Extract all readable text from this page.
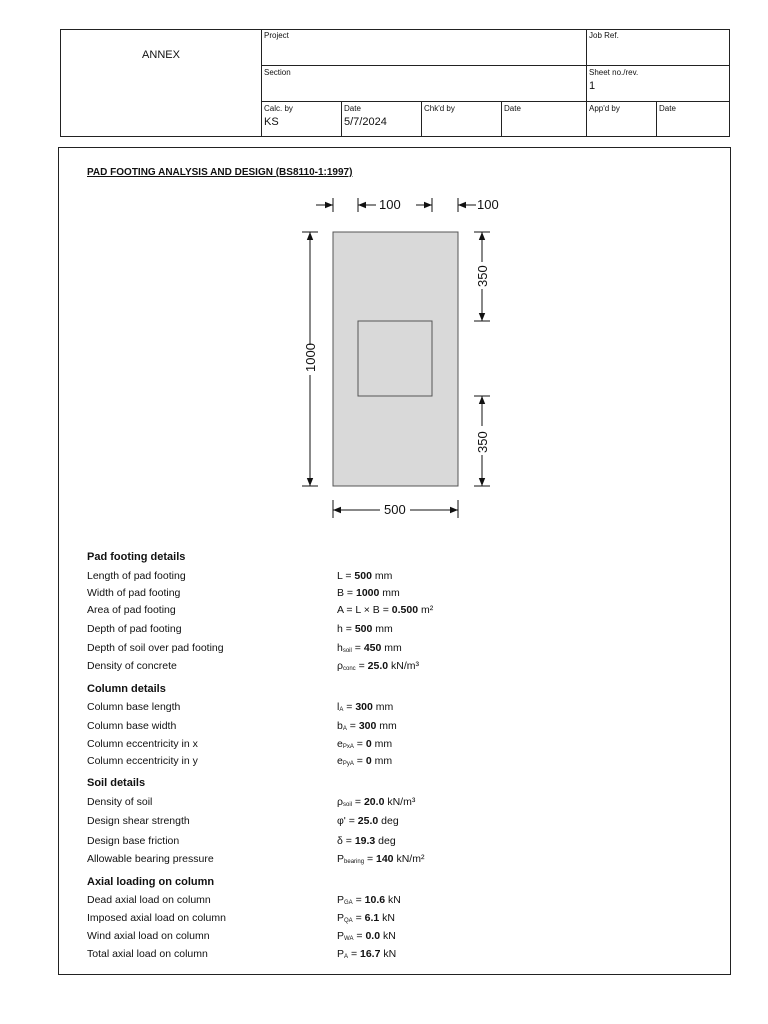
ANNEX
Project	Job Ref.
Section	Sheet no./rev.
1
Calc. by
KS
Date
5/7/2024
Chk'd by	Date	App'd by	Date
PAD FOOTING ANALYSIS AND DESIGN (BS8110-1:1997)
100	100
1000
350
350
500
Pad footing details
Length of pad footing	L = 500 mm
Width of pad footing	B = 1000 mm
Area of pad footing	A = L × B = 0.500 m²
Depth of pad footing	h = 500 mm
Depth of soil over pad footing	$h_{soil} = 450$ mm
Density of concrete	$\rho_{conc} = 25.0$ kN/m³
Column details
Column base length	$l_A = 300$ mm
Column base width	$b_A = 300$ mm
Column eccentricity in x	$e_{PxA} = 0$ mm
Column eccentricity in y	$e_{PyA} = 0$ mm
Soil details
Density of soil	$\rho_{soil} = 20.0$ kN/m³
Design shear strength	φ' = 25.0 deg
Design base friction	δ = 19.3 deg
Allowable bearing pressure	$P_{bearing} = 140$ kN/m²
Axial loading on column
Dead axial load on column	$P_{GA} = 10.6$ kN
Imposed axial load on column	$P_{QA} = 6.1$ kN
Wind axial load on column	$P_{WA} = 0.0$ kN
Total axial load on column	$P_A = 16.7$ kN
